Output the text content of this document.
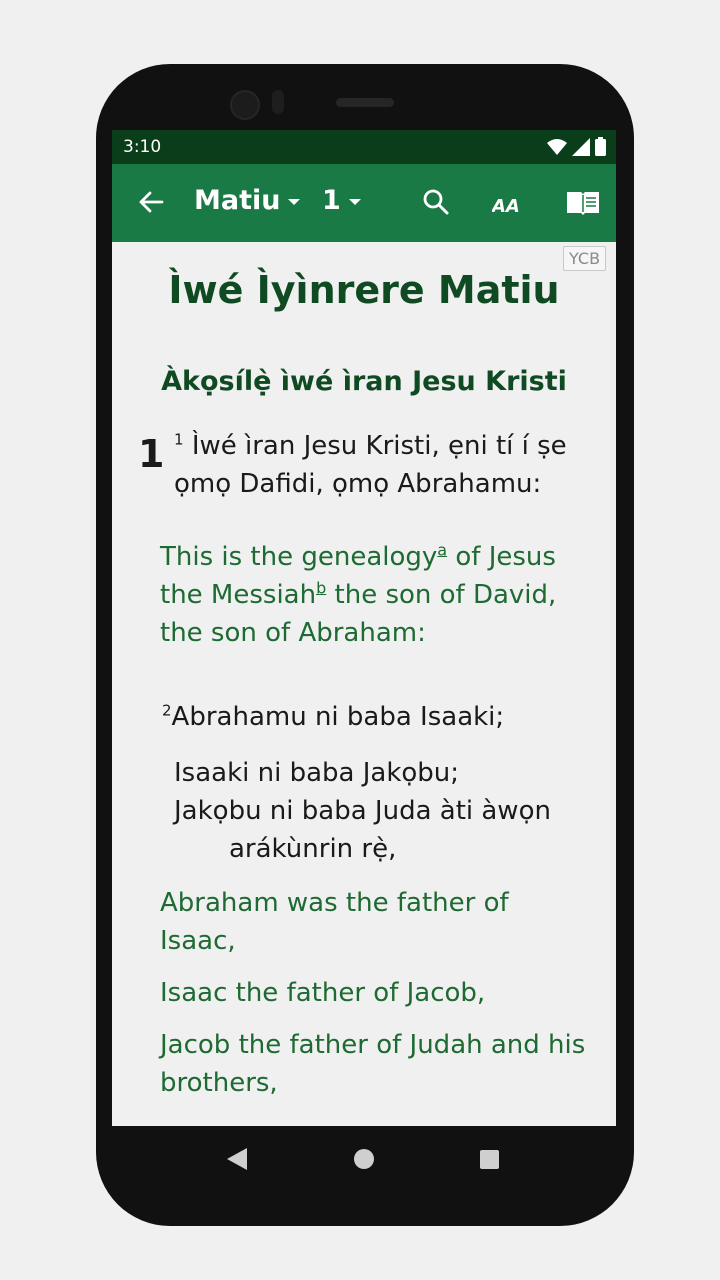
3:10
Matiu 1	AA
YCB
Ìwé Ìyìnrere Matiu
Àkọsílẹ̀ ìwé ìran Jesu Kristi
1 $^1$ Ìwé ìran Jesu Kristi, ẹni tí í ṣe
ọmọ Dafidi, ọmọ Abrahamu:
This is the genealogy$^a$ of Jesus
the Messiah$^b$ the son of David,
the son of Abraham:
$^2$Abrahamu ni baba Isaaki;
Isaaki ni baba Jakọbu;
Jakọbu ni baba Juda àti àwọn
arákùnrin rẹ̀,
Abraham was the father of
Isaac,
Isaac the father of Jacob,
Jacob the father of Judah and his
brothers,
